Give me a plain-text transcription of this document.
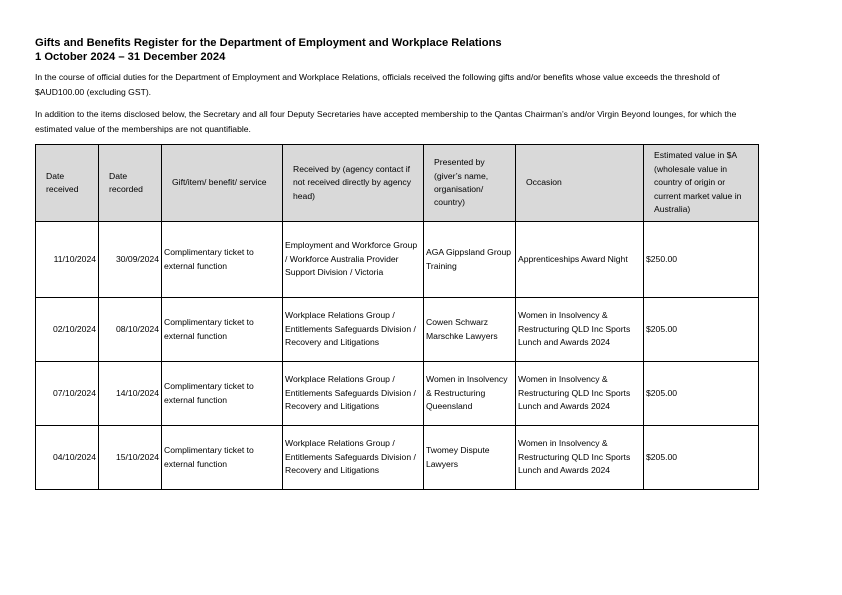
Gifts and Benefits Register for the Department of Employment and Workplace Relations
1 October 2024 – 31 December 2024
In the course of official duties for the Department of Employment and Workplace Relations, officials received the following gifts and/or benefits whose value exceeds the threshold of $AUD100.00 (excluding GST).
In addition to the items disclosed below, the Secretary and all four Deputy Secretaries have accepted membership to the Qantas Chairman’s and/or Virgin Beyond lounges, for which the estimated value of the memberships are not quantifiable.
Date received	Date recorded	Gift/item/ benefit/ service	Received by (agency contact if not received directly by agency head)	Presented by (giver’s name, organisation/ country)	Occasion	Estimated value in $A (wholesale value in country of origin or current market value in Australia)
11/10/2024	30/09/2024	Complimentary ticket to external function	Employment and Workforce Group / Workforce Australia Provider Support Division / Victoria	AGA Gippsland Group Training	Apprenticeships Award Night	$250.00
02/10/2024	08/10/2024	Complimentary ticket to external function	Workplace Relations Group / Entitlements Safeguards Division / Recovery and Litigations	Cowen Schwarz Marschke Lawyers	Women in Insolvency & Restructuring QLD Inc Sports Lunch and Awards 2024	$205.00
07/10/2024	14/10/2024	Complimentary ticket to external function	Workplace Relations Group / Entitlements Safeguards Division / Recovery and Litigations	Women in Insolvency & Restructuring Queensland	Women in Insolvency & Restructuring QLD Inc Sports Lunch and Awards 2024	$205.00
04/10/2024	15/10/2024	Complimentary ticket to external function	Workplace Relations Group / Entitlements Safeguards Division / Recovery and Litigations	Twomey Dispute Lawyers	Women in Insolvency & Restructuring QLD Inc Sports Lunch and Awards 2024	$205.00
